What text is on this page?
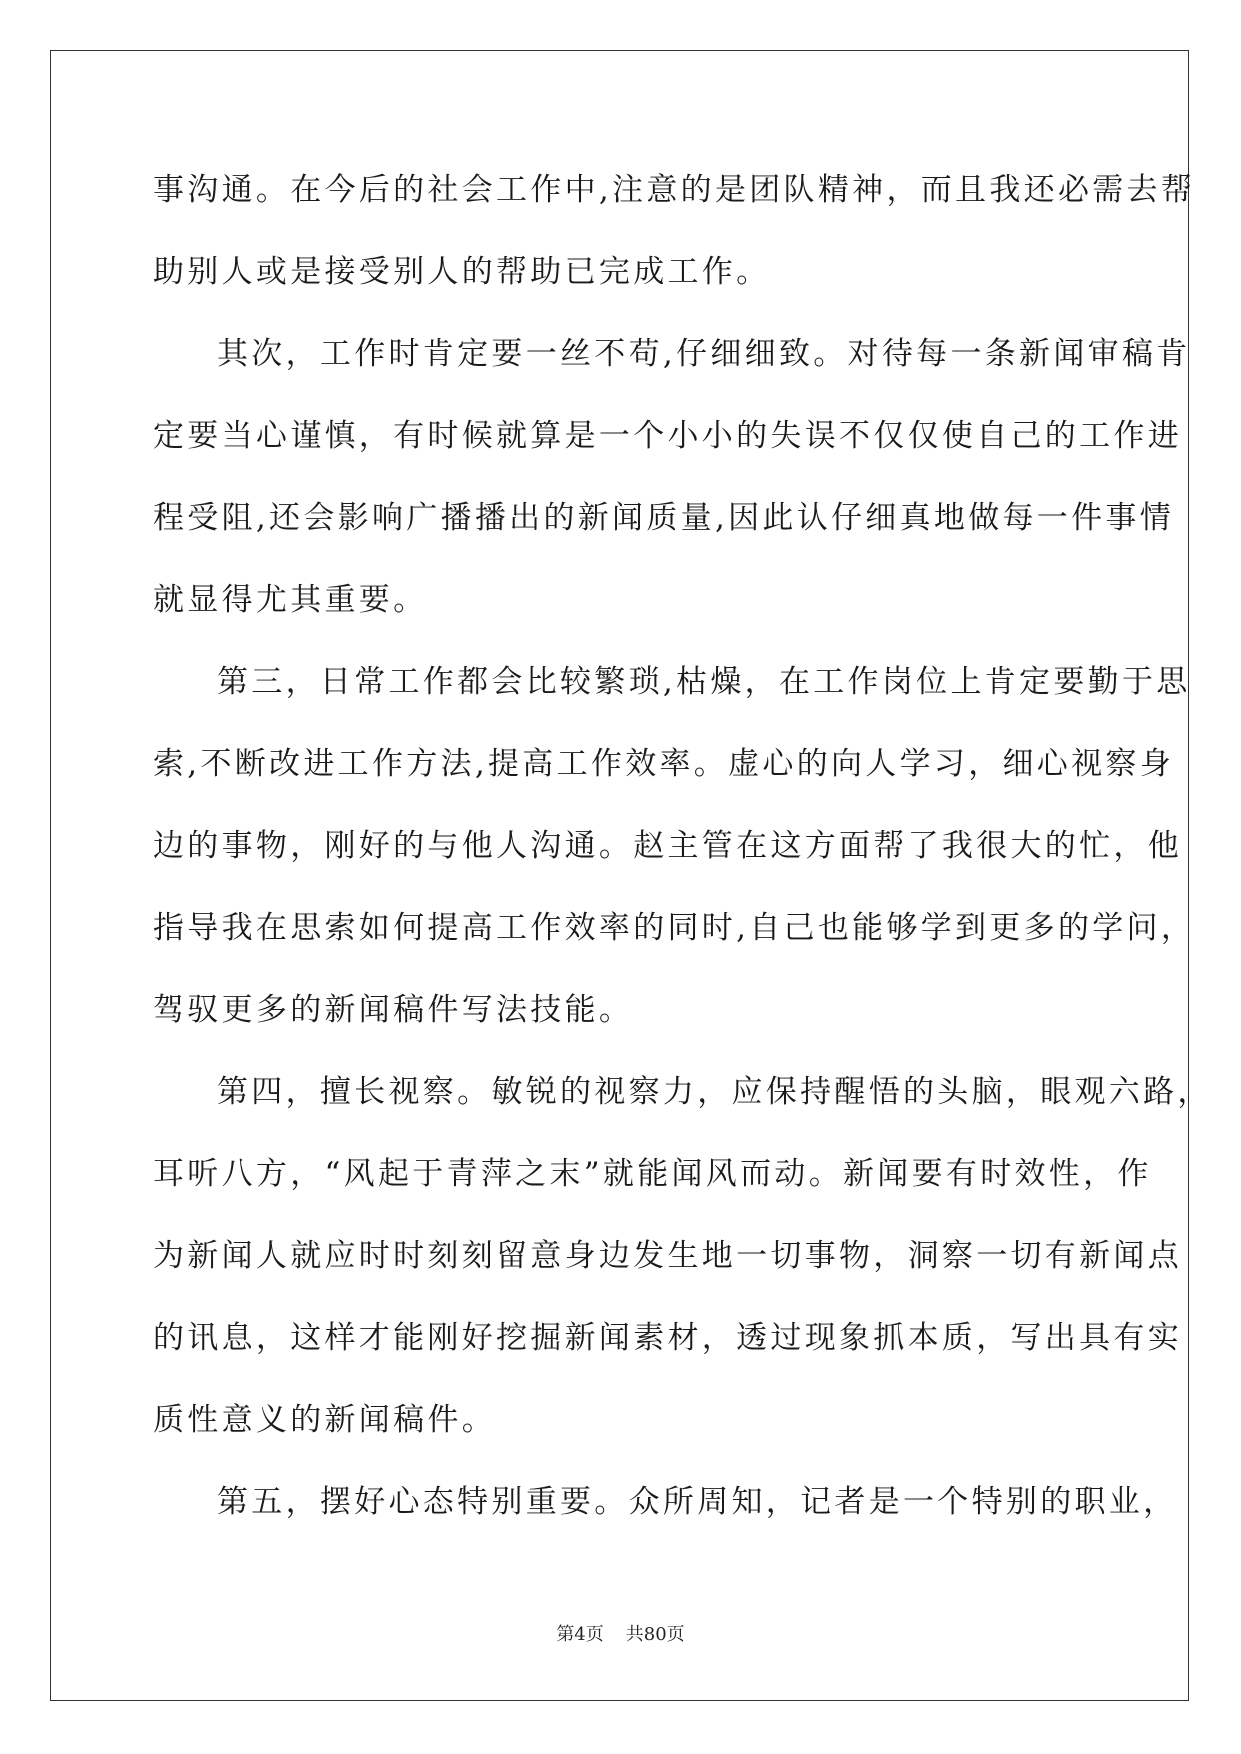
事沟通。在今后的社会工作中,注意的是团队精神，而且我还必需去帮

助别人或是接受别人的帮助已完成工作。

其次，工作时肯定要一丝不苟,仔细细致。对待每一条新闻审稿肯

定要当心谨慎，有时候就算是一个小小的失误不仅仅使自己的工作进

程受阻,还会影响广播播出的新闻质量,因此认仔细真地做每一件事情

就显得尤其重要。

第三，日常工作都会比较繁琐,枯燥，在工作岗位上肯定要勤于思

索,不断改进工作方法,提高工作效率。虚心的向人学习，细心视察身

边的事物，刚好的与他人沟通。赵主管在这方面帮了我很大的忙，他

指导我在思索如何提高工作效率的同时,自己也能够学到更多的学问，

驾驭更多的新闻稿件写法技能。

第四，擅长视察。敏锐的视察力，应保持醒悟的头脑，眼观六路，

耳听八方，“风起于青萍之末”就能闻风而动。新闻要有时效性，作

为新闻人就应时时刻刻留意身边发生地一切事物，洞察一切有新闻点

的讯息，这样才能刚好挖掘新闻素材，透过现象抓本质，写出具有实

质性意义的新闻稿件。

第五，摆好心态特别重要。众所周知，记者是一个特别的职业，

第4页 共80页
